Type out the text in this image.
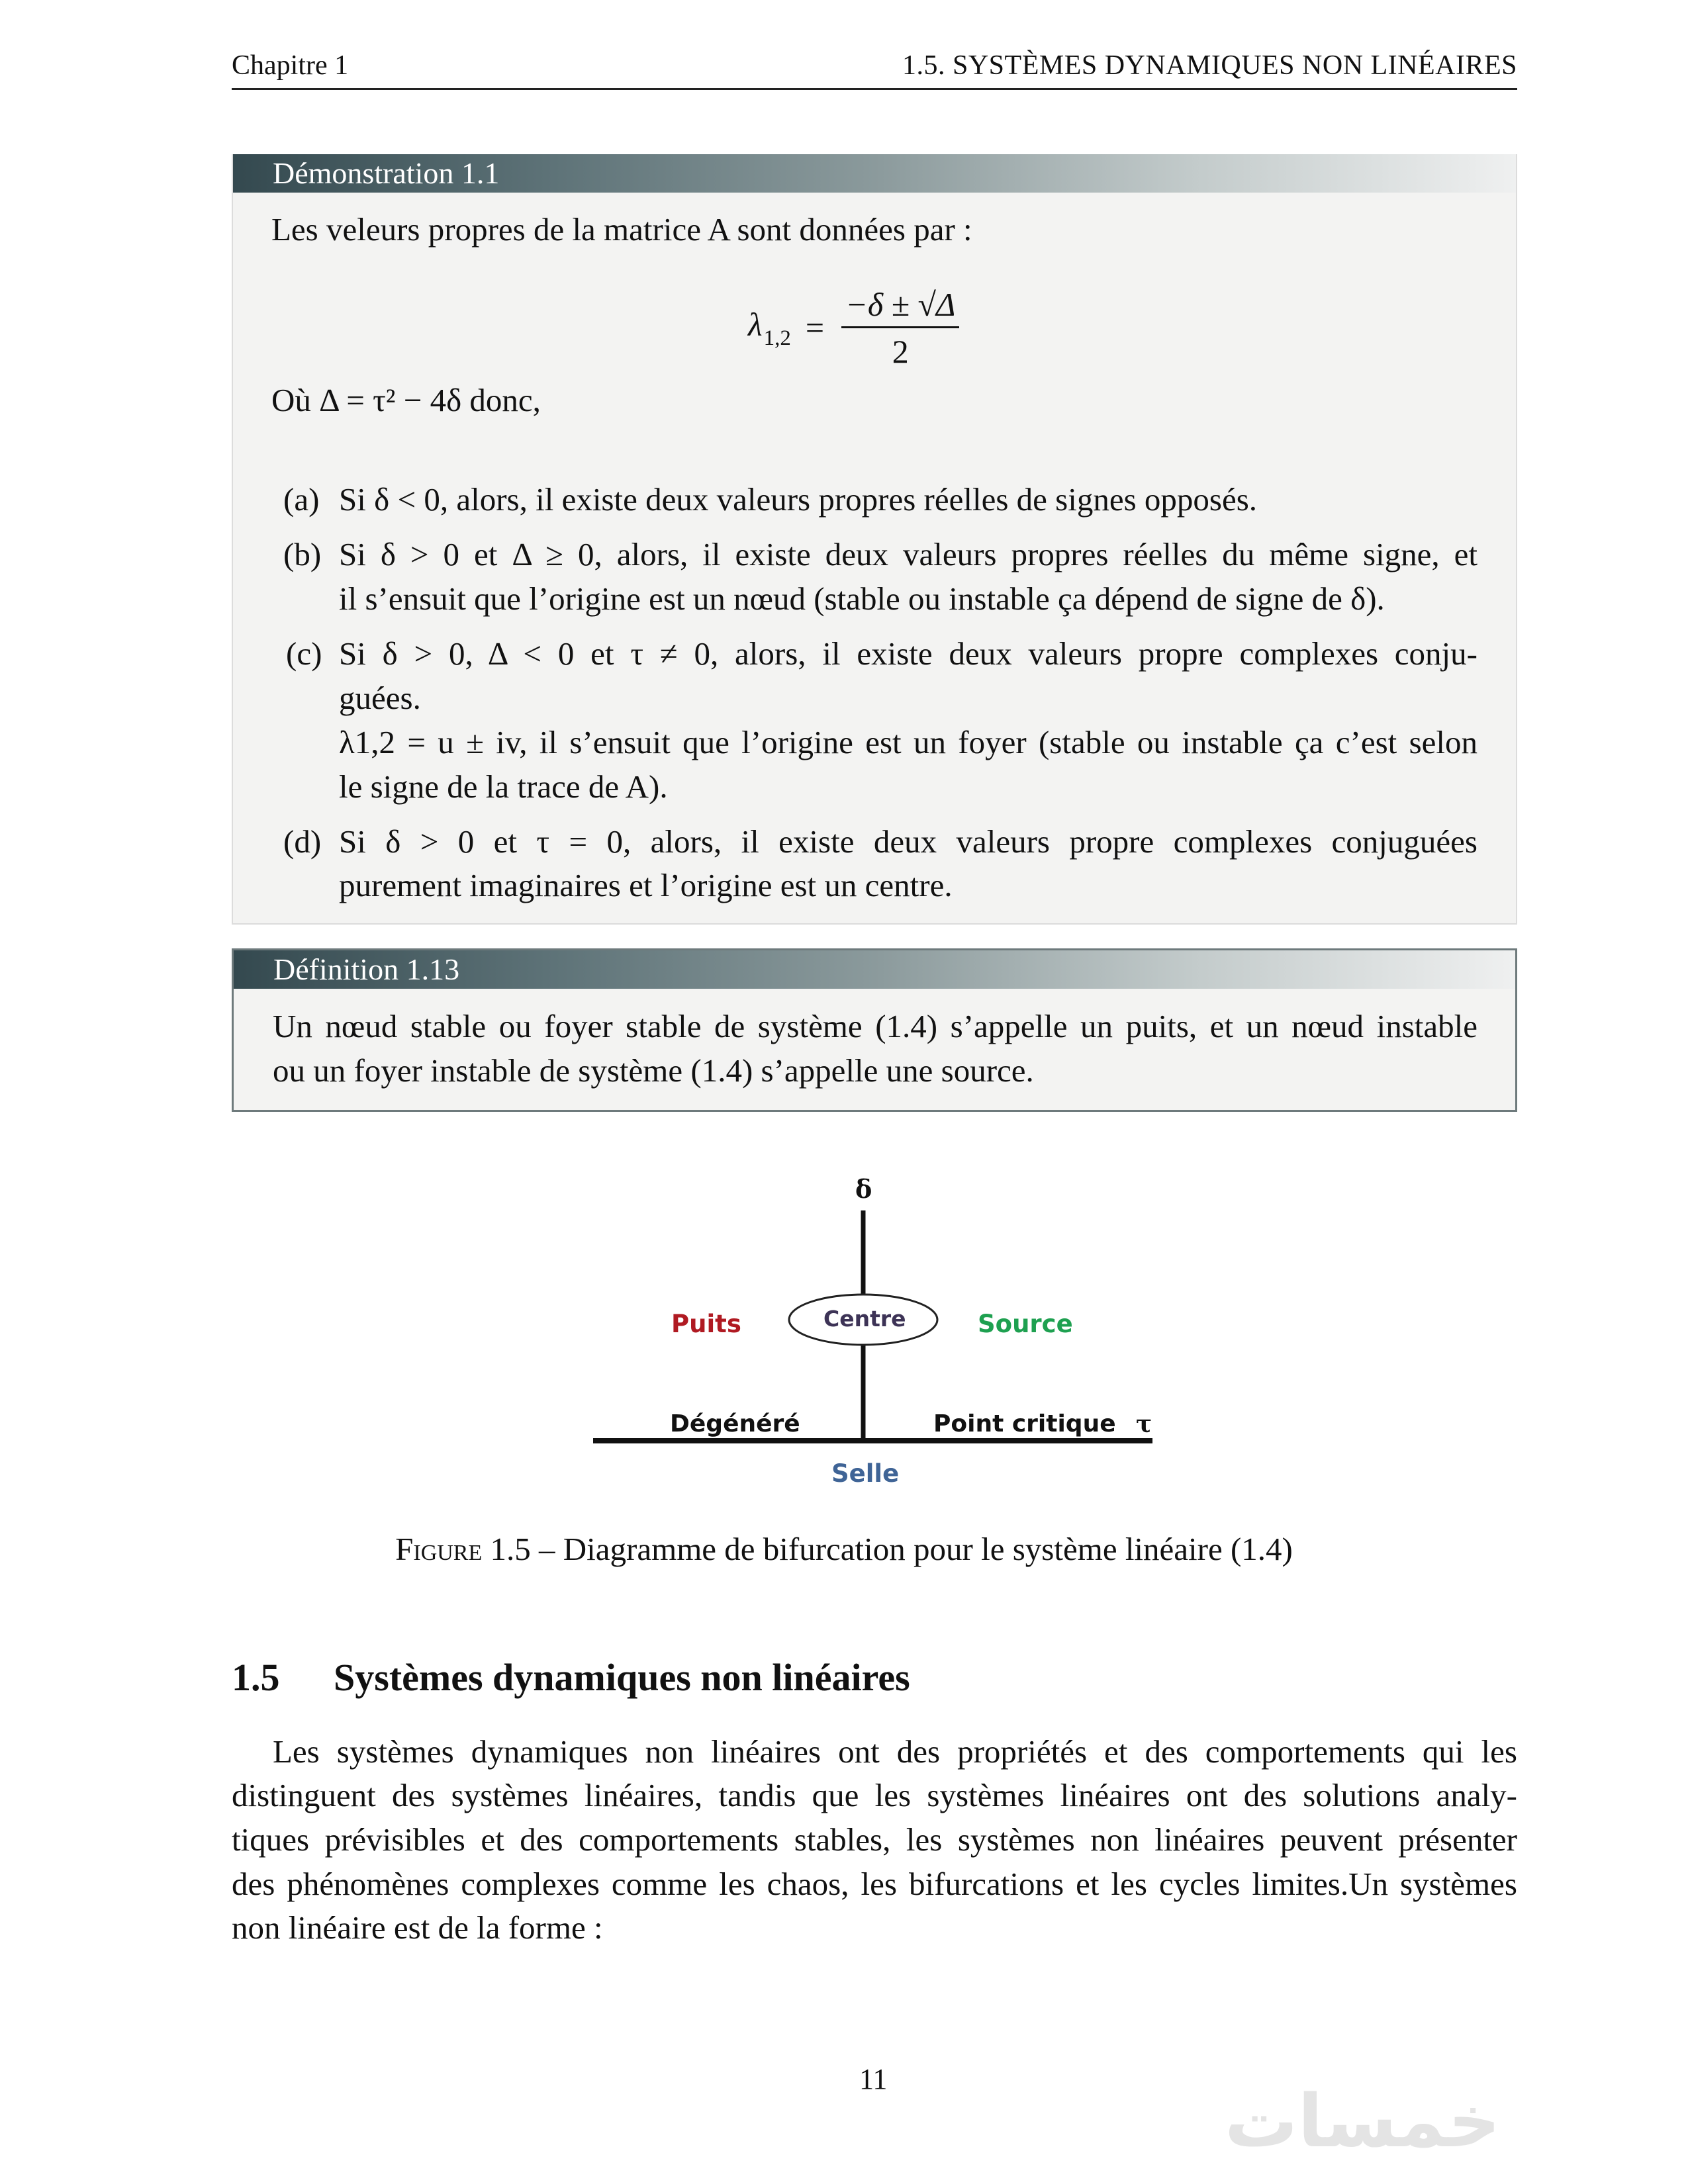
خمسات
Chapitre 1	1.5. SYSTÈMES DYNAMIQUES NON LINÉAIRES
Démonstration 1.1
Les veleurs propres de la matrice A sont données par :
$\lambda_{1,2} = \frac{-\delta \pm √\Delta}{2}$
Où Δ = τ² − 4δ donc,
(a) Si δ < 0, alors, il existe deux valeurs propres réelles de signes opposés.
(b) Si δ > 0 et Δ ≥ 0, alors, il existe deux valeurs propres réelles du même signe, et
il s’ensuit que l’origine est un nœud (stable ou instable ça dépend de signe de δ).
(c) Si δ > 0, Δ < 0 et τ ≠ 0, alors, il existe deux valeurs propre complexes conju-
guées.
λ1,2 = u ± iv, il s’ensuit que l’origine est un foyer (stable ou instable ça c’est selon
le signe de la trace de A).
(d) Si δ > 0 et τ = 0, alors, il existe deux valeurs propre complexes conjuguées
purement imaginaires et l’origine est un centre.
Définition 1.13
Un nœud stable ou foyer stable de système (1.4) s’appelle un puits, et un nœud instable
ou un foyer instable de système (1.4) s’appelle une source.
δ
Puits	Centre	Source
Dégénéré	Point critique τ
Selle
Figure 1.5 – Diagramme de bifurcation pour le système linéaire (1.4)
1.5 Systèmes dynamiques non linéaires
Les systèmes dynamiques non linéaires ont des propriétés et des comportements qui les
distinguent des systèmes linéaires, tandis que les systèmes linéaires ont des solutions analy-
tiques prévisibles et des comportements stables, les systèmes non linéaires peuvent présenter
des phénomènes complexes comme les chaos, les bifurcations et les cycles limites.Un systèmes
non linéaire est de la forme :
11
